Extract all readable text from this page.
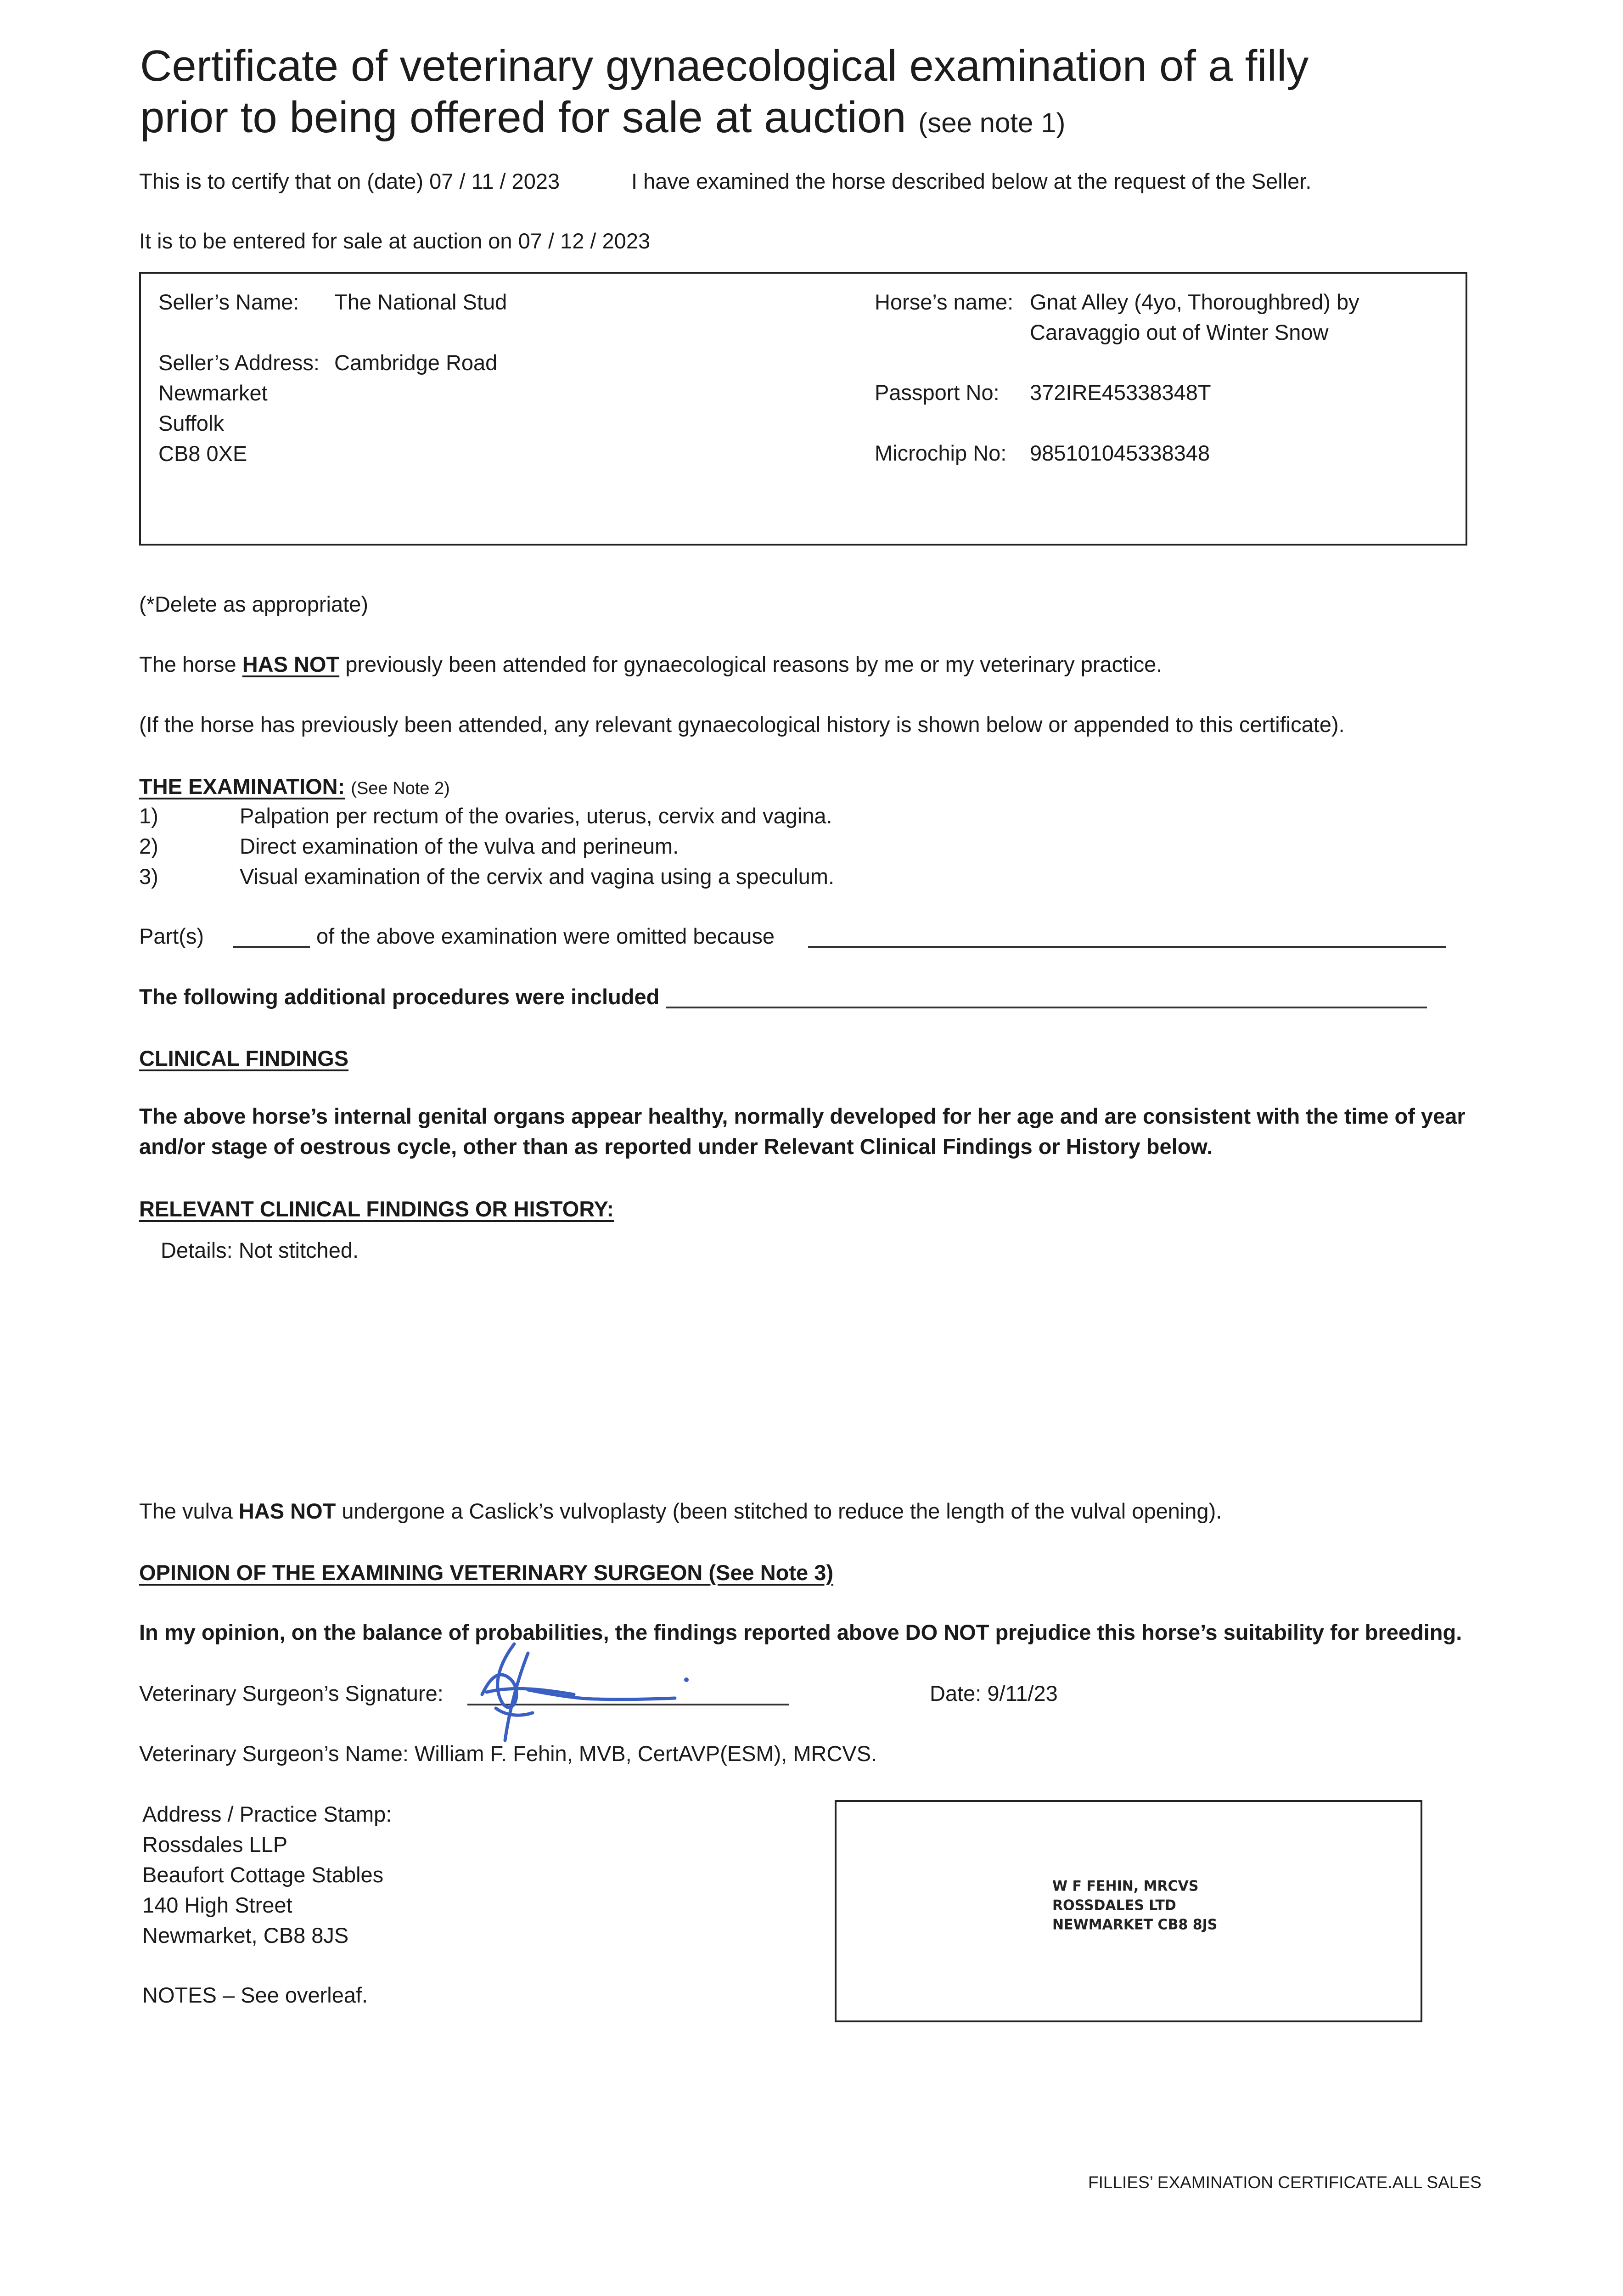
Certificate of veterinary gynaecological examination of a filly
prior to being offered for sale at auction (see note 1)
This is to certify that on (date) 07 / 11 / 2023	I have examined the horse described below at the request of the Seller.
It is to be entered for sale at auction on 07 / 12 / 2023
Seller’s Name: The National Stud
Seller’s Address: Cambridge Road
Newmarket
Suffolk
CB8 0XE
Horse’s name: Gnat Alley (4yo, Thoroughbred) by
Caravaggio out of Winter Snow
Passport No: 372IRE45338348T
Microchip No: 985101045338348
(*Delete as appropriate)
The horse HAS NOT previously been attended for gynaecological reasons by me or my veterinary practice.
(If the horse has previously been attended, any relevant gynaecological history is shown below or appended to this certificate).
THE EXAMINATION: (See Note 2)
1)	Palpation per rectum of the ovaries, uterus, cervix and vagina.
2)	Direct examination of the vulva and perineum.
3)	Visual examination of the cervix and vagina using a speculum.
Part(s)	of the above examination were omitted because
The following additional procedures were included
CLINICAL FINDINGS
The above horse’s internal genital organs appear healthy, normally developed for her age and are consistent with the time of year
and/or stage of oestrous cycle, other than as reported under Relevant Clinical Findings or History below.
RELEVANT CLINICAL FINDINGS OR HISTORY:
Details: Not stitched.
The vulva HAS NOT undergone a Caslick’s vulvoplasty (been stitched to reduce the length of the vulval opening).
OPINION OF THE EXAMINING VETERINARY SURGEON (See Note 3)
In my opinion, on the balance of probabilities, the findings reported above DO NOT prejudice this horse’s suitability for breeding.
Veterinary Surgeon’s Signature:	Date: 9/11/23
Veterinary Surgeon’s Name: William F. Fehin, MVB, CertAVP(ESM), MRCVS.
Address / Practice Stamp:
Rossdales LLP
Beaufort Cottage Stables
140 High Street
Newmarket, CB8 8JS
W F FEHIN, MRCVS
ROSSDALES LTD
NEWMARKET CB8 8JS
NOTES – See overleaf.
FILLIES’ EXAMINATION CERTIFICATE.ALL SALES
